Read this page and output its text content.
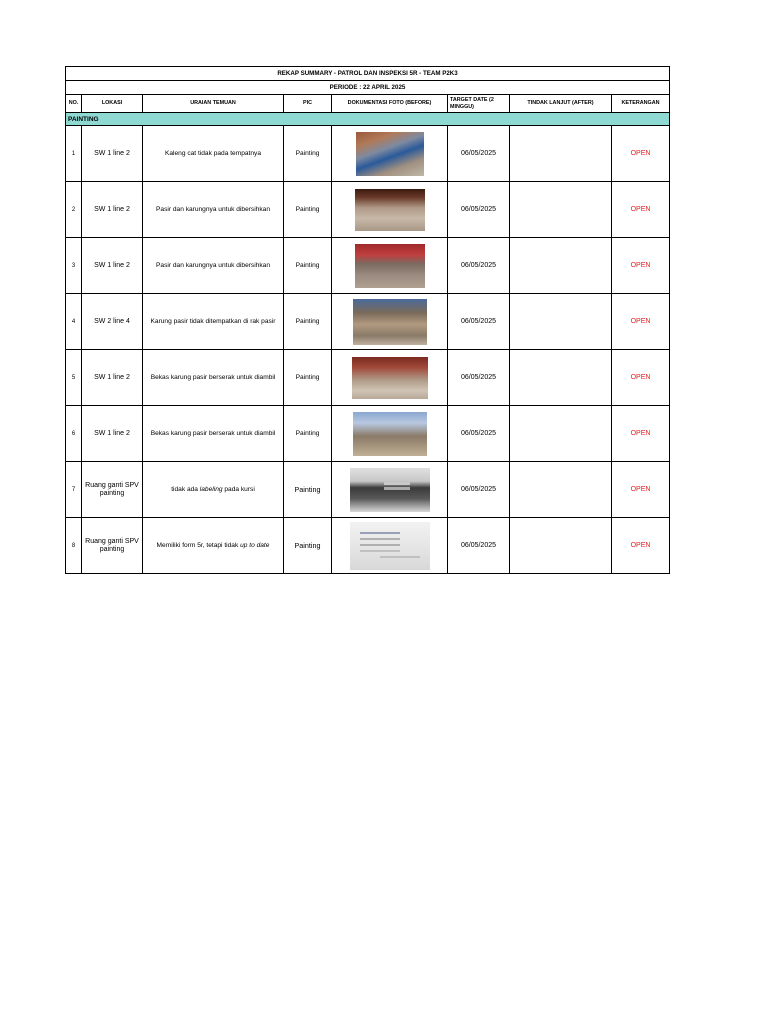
REKAP SUMMARY - PATROL DAN INSPEKSI 5R - TEAM P2K3							
PERIODE : 22 APRIL 2025							
NO.	LOKASI	URAIAN TEMUAN	PIC	DOKUMENTASI FOTO (BEFORE)	TARGET DATE (2 MINGGU)	TINDAK LANJUT (AFTER)	KETERANGAN
PAINTING							
1	SW 1 line 2	Kaleng cat tidak pada tempatnya	Painting		06/05/2025		OPEN
2	SW 1 line 2	Pasir dan karungnya untuk dibersihkan	Painting		06/05/2025		OPEN
3	SW 1 line 2	Pasir dan karungnya untuk dibersihkan	Painting		06/05/2025		OPEN
4	SW 2 line 4	Karung pasir tidak ditempatkan di rak pasir	Painting		06/05/2025		OPEN
5	SW 1 line 2	Bekas karung pasir berserak untuk diambil	Painting		06/05/2025		OPEN
6	SW 1 line 2	Bekas karung pasir berserak untuk diambil	Painting		06/05/2025		OPEN
7	Ruang ganti SPV painting	tidak ada labeling pada kursi	Painting		06/05/2025		OPEN
8	Ruang ganti SPV painting	Memiliki form 5r, tetapi tidak up to date	Painting		06/05/2025		OPEN
